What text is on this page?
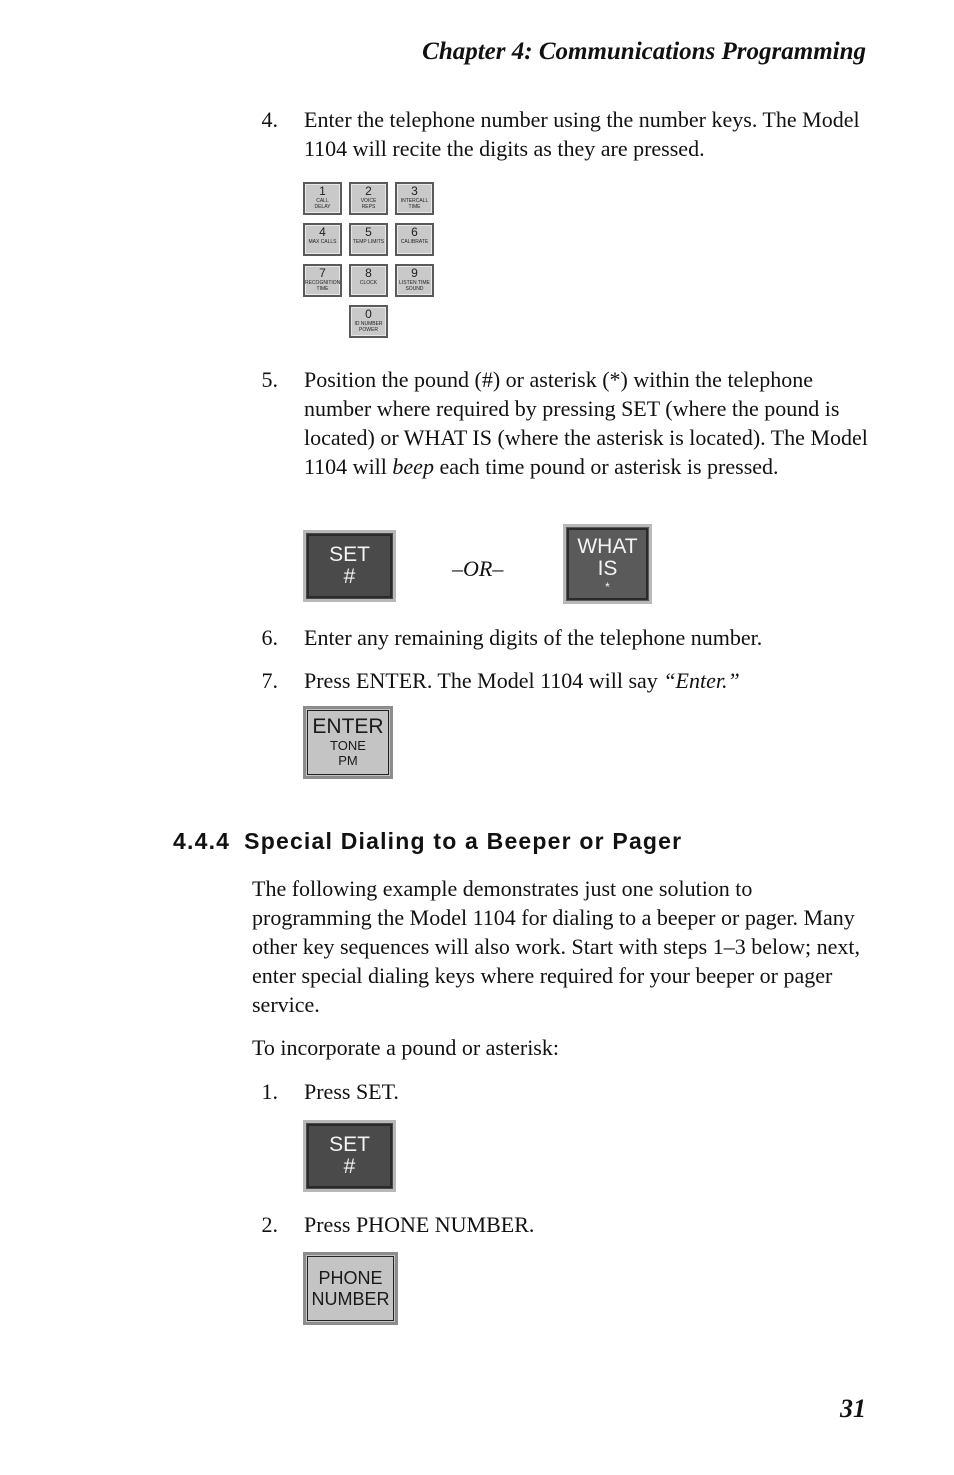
Chapter 4: Communications Programming
4. Enter the telephone number using the number keys. The Model 1104 will recite the digits as they are pressed.
1
CALL
DELAY
2
VOICE
REPS
3
INTERCALL
TIME
4
MAX CALLS
5
TEMP LIMITS
6
CALIBRATE
7
RECOGNITION
TIME
8
CLOCK
9
LISTEN TIME
SOUND
0
ID NUMBER
POWER
5. Position the pound (#) or asterisk (*) within the telephone number where required by pressing SET (where the pound is located) or WHAT IS (where the asterisk is located). The Model 1104 will beep each time pound or asterisk is pressed.
SET
#	–OR–
WHAT
IS
*
6. Enter any remaining digits of the telephone number.
7. Press ENTER. The Model 1104 will say “Enter.”
ENTER
TONE
PM
4.4.4 Special Dialing to a Beeper or Pager
The following example demonstrates just one solution to programming the Model 1104 for dialing to a beeper or pager. Many other key sequences will also work. Start with steps 1–3 below; next, enter special dialing keys where required for your beeper or pager service.
To incorporate a pound or asterisk:
1. Press SET.
SET
#
2. Press PHONE NUMBER.
PHONE
NUMBER
31
